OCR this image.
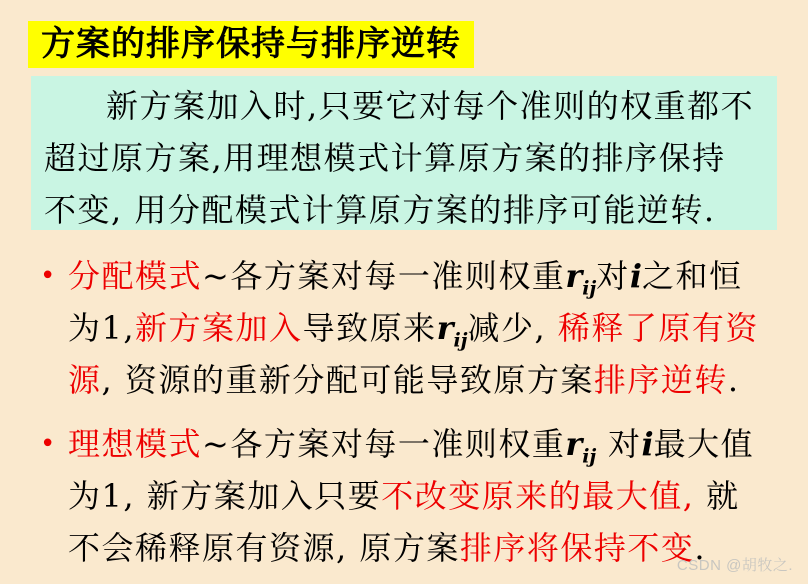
方案的排序保持与排序逆转
新方案加入时,只要它对每个准则的权重都不
超过原方案,用理想模式计算原方案的排序保持
不变, 用分配模式计算原方案的排序可能逆转.
• 分配模式~各方案对每一准则权重$r_{ij}$对i之和恒
为1,新方案加入导致原来$r_{ij}$减少, 稀释了原有资
源, 资源的重新分配可能导致原方案排序逆转.
• 理想模式~各方案对每一准则权重$r_{ij}$ 对i最大值
为1, 新方案加入只要不改变原来的最大值, 就
不会稀释原有资源, 原方案排序将保持不变.
CSDN @胡牧之.
